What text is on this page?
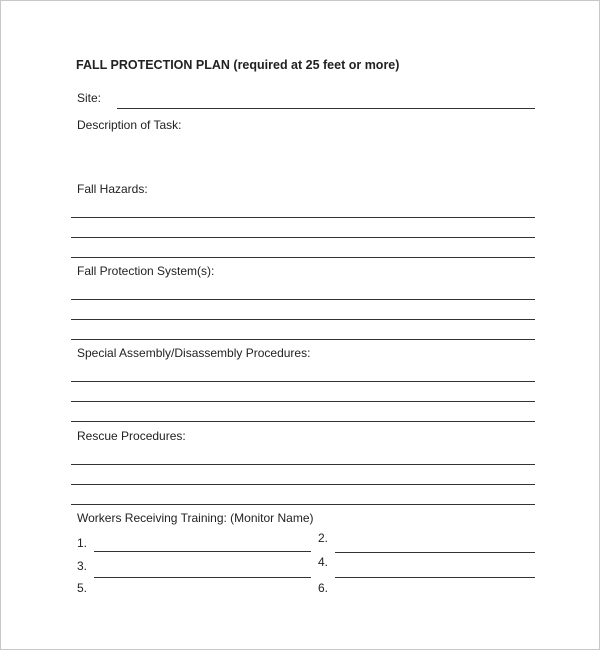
FALL PROTECTION PLAN (required at 25 feet or more)
Site:
Description of Task:
Fall Hazards:
Fall Protection System(s):
Special Assembly/Disassembly Procedures:
Rescue Procedures:
Workers Receiving Training: (Monitor Name)
1.	2.
3.	4.
5.	6.
